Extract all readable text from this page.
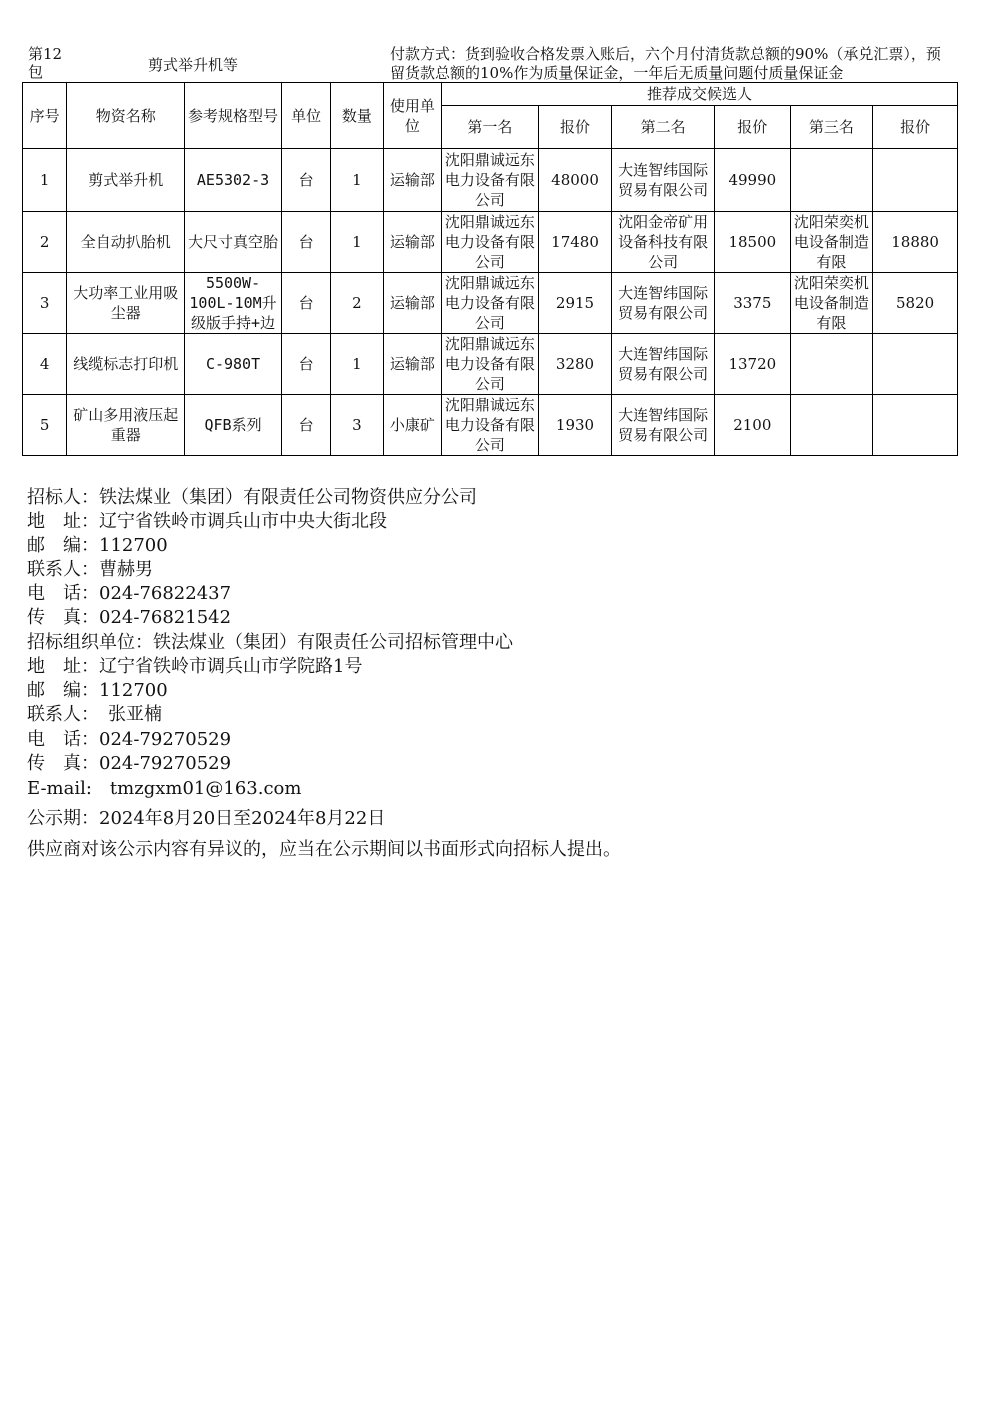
第12包	剪式举升机等
付款方式：货到验收合格发票入账后，六个月付清货款总额的90%（承兑汇票），预留货款总额的10%作为质量保证金，一年后无质量问题付质量保证金
序号	物资名称	参考规格型号	单位	数量	使用单位	推荐成交候选人					
						第一名	报价	第二名	报价	第三名	报价
1	剪式举升机	AE5302-3	台	1	运输部	沈阳鼎诚远东电力设备有限公司	48000	大连智纬国际贸易有限公司	49990	

2	全自动扒胎机	大尺寸真空胎	台	1	运输部	沈阳鼎诚远东电力设备有限公司	17480	沈阳金帝矿用设备科技有限公司	18500	沈阳荣奕机电设备制造有限	18880
3	大功率工业用吸尘器	5500W-100L-10M升级版手持+边	台	2	运输部	沈阳鼎诚远东电力设备有限公司	2915	大连智纬国际贸易有限公司	3375	沈阳荣奕机电设备制造有限	5820
4	线缆标志打印机	C-980T	台	1	运输部	沈阳鼎诚远东电力设备有限公司	3280	大连智纬国际贸易有限公司	13720	

5	矿山多用液压起重器	QFB系列	台	3	小康矿	沈阳鼎诚远东电力设备有限公司	1930	大连智纬国际贸易有限公司	2100	

招标人：铁法煤业（集团）有限责任公司物资供应分公司
地　址：辽宁省铁岭市调兵山市中央大街北段
邮　编：112700
联系人：曹赫男
电　话：024-76822437
传　真：024-76821542
招标组织单位：铁法煤业（集团）有限责任公司招标管理中心
地　址：辽宁省铁岭市调兵山市学院路1号
邮　编：112700
联系人：　张亚楠
电　话：024-79270529
传　真：024-79270529
E-mail:　tmzgxm01@163.com
公示期：2024年8月20日至2024年8月22日
供应商对该公示内容有异议的，应当在公示期间以书面形式向招标人提出。
